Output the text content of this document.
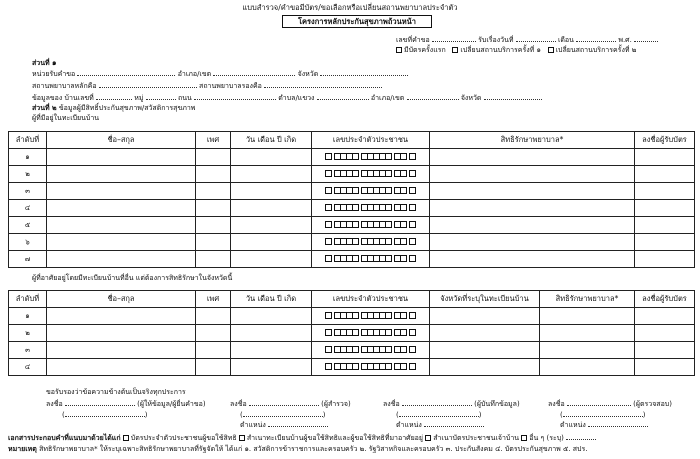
แบบสำรวจ/คำขอมีบัตร/ขอเลือกหรือเปลี่ยนสถานพยาบาลประจำตัว
โครงการหลักประกันสุขภาพถ้วนหน้า
เลขที่คำขอ	รับเรื่องวันที่	เดือน	พ.ศ.
มีบัตรครั้งแรก เปลี่ยนสถานบริการครั้งที่ ๑ เปลี่ยนสถานบริการครั้งที่ ๒
ส่วนที่ ๑
หน่วยรับคำขอ	อำเภอ/เขต	จังหวัด
สถานพยาบาลหลักคือ	สถานพยาบาลรองคือ
ข้อมูลของ บ้านเลขที่	หมู่	ถนน	ตำบล/แขวง	อำเภอ/เขต	จังหวัด
ส่วนที่ ๒ ข้อมูลผู้มีสิทธิ์ประกันสุขภาพ/สวัสดิการสุขภาพ
ผู้ที่มีอยู่ในทะเบียนบ้าน
ลำดับที่	ชื่อ–สกุล	เพศ	วัน เดือน ปี เกิด	เลขประจำตัวประชาชน	สิทธิรักษาพยาบาล*	ลงชื่อผู้รับบัตร
๑				

๒				

๓				

๔				

๕				

๖				

๗				

ผู้ที่อาศัยอยู่โดยมีทะเบียนบ้านที่อื่น แต่ต้องการสิทธิรักษาในจังหวัดนี้
ลำดับที่	ชื่อ–สกุล	เพศ	วัน เดือน ปี เกิด	เลขประจำตัวประชาชน	จังหวัดที่ระบุในทะเบียนบ้าน	สิทธิรักษาพยาบาล*	ลงชื่อผู้รับบัตร
๑				

๒				

๓				

๔				

ขอรับรองว่าข้อความข้างต้นเป็นจริงทุกประการ
ลงชื่อ	(ผู้ให้ข้อมูล/ผู้ยื่นคำขอ)
(	)
ลงชื่อ	(ผู้สำรวจ)
(	)
ตำแหน่ง
ลงชื่อ	(ผู้บันทึกข้อมูล)
(	)
ตำแหน่ง
ลงชื่อ	(ผู้ตรวจสอบ)
(	)
ตำแหน่ง
เอกสารประกอบคำที่แนบมาด้วยได้แก่ บัตรประจำตัวประชาชนผู้ขอใช้สิทธิ สำเนาทะเบียนบ้านผู้ขอใช้สิทธิและผู้ขอใช้สิทธิที่มาอาศัยอยู่ สำเนาบัตรประชาชนเจ้าบ้าน อื่น ๆ (ระบุ)
หมายเหตุ สิทธิรักษาพยาบาล* ให้ระบุเฉพาะสิทธิรักษาพยาบาลที่รัฐจัดให้ ได้แก่ ๑. สวัสดิการข้าราชการและครอบครัว ๒. รัฐวิสาหกิจและครอบครัว ๓. ประกันสังคม ๔. บัตรประกันสุขภาพ ๕. สปร.
